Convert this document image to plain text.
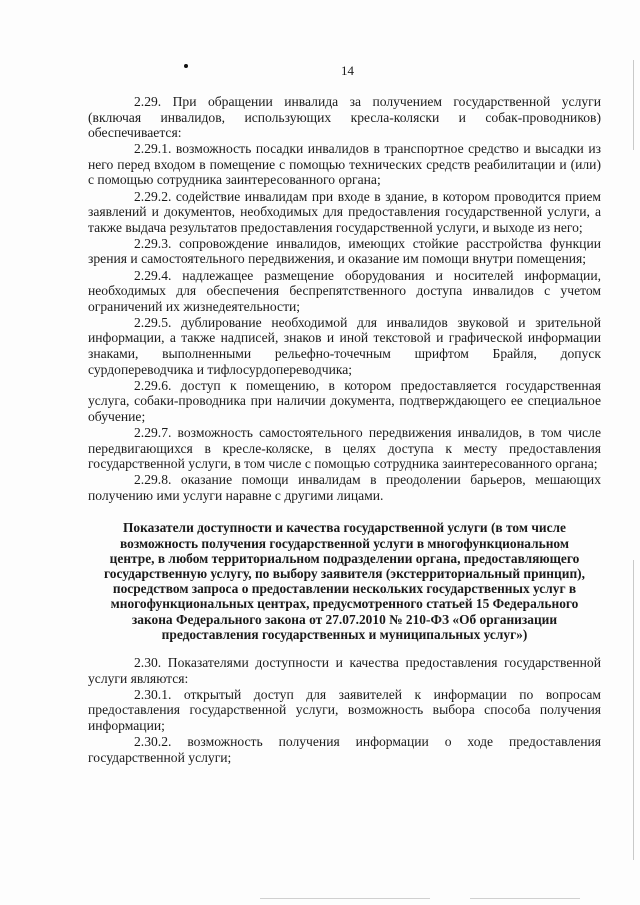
14

2.29. При обращении инвалида за получением государственной услуги (включая инвалидов, использующих кресла-коляски и собак-проводников) обеспечивается:

2.29.1. возможность посадки инвалидов в транспортное средство и высадки из него перед входом в помещение с помощью технических средств реабилитации и (или) с помощью сотрудника заинтересованного органа;

2.29.2. содействие инвалидам при входе в здание, в котором проводится прием заявлений и документов, необходимых для предоставления государственной услуги, а также выдача результатов предоставления государственной услуги, и выходе из него;

2.29.3. сопровождение инвалидов, имеющих стойкие расстройства функции зрения и самостоятельного передвижения, и оказание им помощи внутри помещения;

2.29.4. надлежащее размещение оборудования и носителей информации, необходимых для обеспечения беспрепятственного доступа инвалидов с учетом ограничений их жизнедеятельности;

2.29.5. дублирование необходимой для инвалидов звуковой и зрительной информации, а также надписей, знаков и иной текстовой и графической информации знаками, выполненными рельефно-точечным шрифтом Брайля, допуск сурдопереводчика и тифлосурдопереводчика;

2.29.6. доступ к помещению, в котором предоставляется государственная услуга, собаки-проводника при наличии документа, подтверждающего ее специальное обучение;

2.29.7. возможность самостоятельного передвижения инвалидов, в том числе передвигающихся в кресле-коляске, в целях доступа к месту предоставления государственной услуги, в том числе с помощью сотрудника заинтересованного органа;

2.29.8. оказание помощи инвалидам в преодолении барьеров, мешающих получению ими услуги наравне с другими лицами.

Показатели доступности и качества государственной услуги (в том числе возможность получения государственной услуги в многофункциональном центре, в любом территориальном подразделении органа, предоставляющего государственную услугу, по выбору заявителя (экстерриториальный принцип), посредством запроса о предоставлении нескольких государственных услуг в многофункциональных центрах, предусмотренного статьей 15 Федерального закона Федерального закона от 27.07.2010 № 210-ФЗ «Об организации предоставления государственных и муниципальных услуг»)

2.30. Показателями доступности и качества предоставления государственной услуги являются:

2.30.1. открытый доступ для заявителей к информации по вопросам предоставления государственной услуги, возможность выбора способа получения информации;

2.30.2. возможность получения информации о ходе предоставления государственной услуги;
